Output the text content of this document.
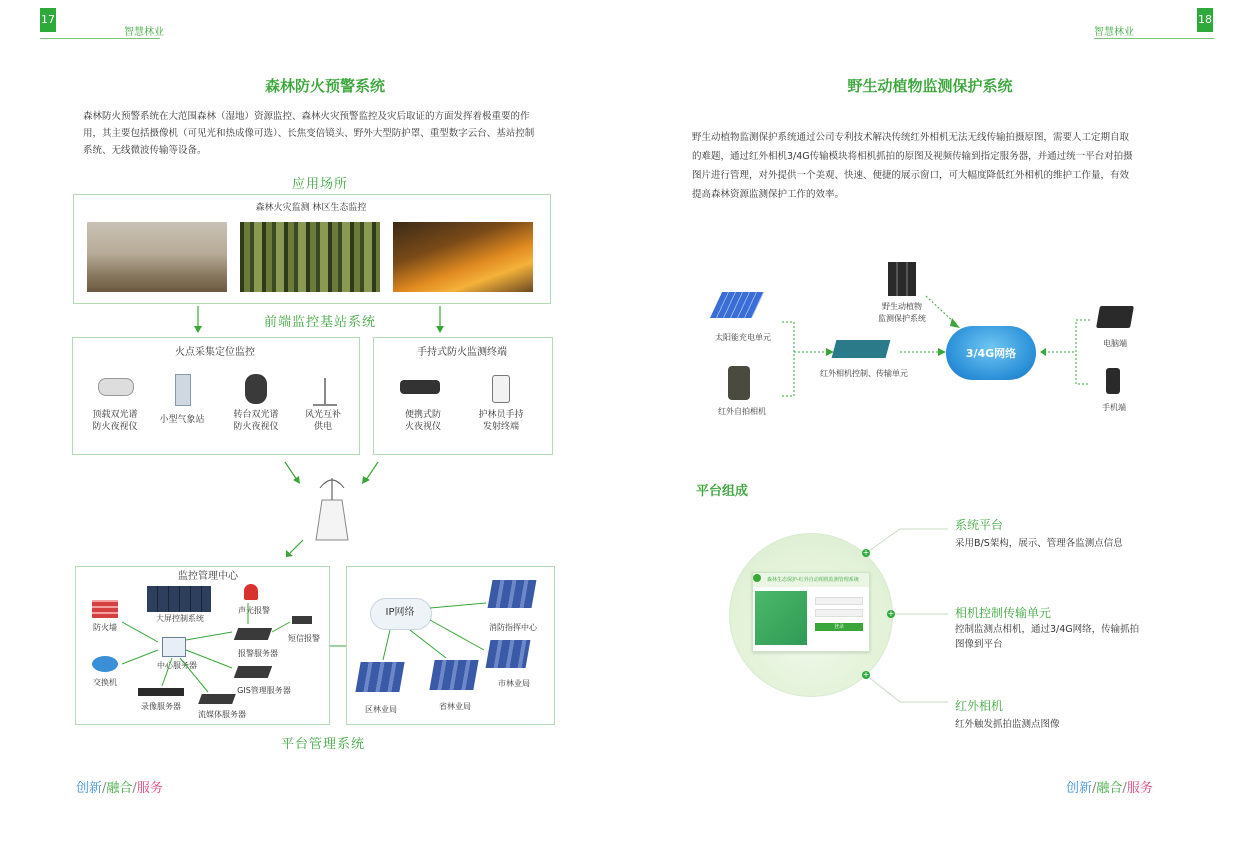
17
智慧林业
森林防火预警系统
森林防火预警系统在大范围森林（湿地）资源监控、森林火灾预警监控及灾后取证的方面发挥着极重要的作
用，其主要包括摄像机（可见光和热成像可选）、长焦变倍镜头、野外大型防护罩、重型数字云台、基站控制
系统、无线微波传输等设备。
应用场所
森林火灾监测 林区生态监控
前端监控基站系统
火点采集定位监控
顶载双光谱
防火夜视仪
小型气象站	转台双光谱
防火夜视仪
风光互补
供电
手持式防火监测终端
便携式防
火夜视仪
护林员手持
发射终端
监控管理中心
大屏控制系统
防火墙
交换机
中心服务器
声光报警
报警服务器
短信报警
GIS管理服务器
录像服务器
流媒体服务器
IP网络
消防指挥中心
市林业局
区林业局	省林业局
平台管理系统
创新/融合/服务
18
智慧林业
野生动植物监测保护系统
野生动植物监测保护系统通过公司专利技术解决传统红外相机无法无线传输拍摄原图，需要人工定期自取
的难题，通过红外相机3/4G传输模块将相机抓拍的原图及视频传输到指定服务器，并通过统一平台对拍摄
图片进行管理，对外提供一个美观、快速、便捷的展示窗口，可大幅度降低红外相机的维护工作量，有效
提高森林资源监测保护工作的效率。
太阳能充电单元
红外自拍相机
红外相机控制、传输单元
野生动植物
监测保护系统
3/4G网络
电脑端
手机端
平台组成
森林生态保护-红外自动相机监测管理系统
登录
+
+
+
系统平台
采用B/S架构，展示、管理各监测点信息
相机控制传输单元
控制监测点相机，通过3/4G网络，传输抓拍
图像到平台
红外相机
红外触发抓拍监测点图像
创新/融合/服务
